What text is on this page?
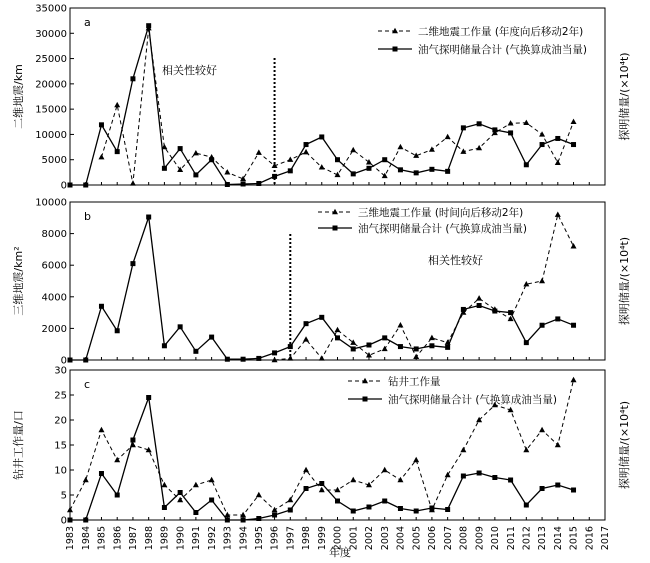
0
5000
10000
15000
20000
25000
30000
35000
a
二维地震/km	探明储量/(×10⁴t)
相关性较好
二维地震工作量 (年度向后移动2年)
油气探明储量合计 (气换算成油当量)
0
2000
4000
6000
8000
10000
b
三维地震/km²	探明储量/(×10⁴t)
相关性较好
三维地震工作量 (时间向后移动2年)
油气探明储量合计 (气换算成油当量)
0
5
10
15
20
25
30
1983 1984 1985 1986 1987 1988 1989 1990 1991 1992 1993 1994 1995 1996 1997 1998 1999 2000 2001 2002 2003 2004 2005 2006 2007 2008 2009 2010 2011 2012 2013 2014 2015 2016 2017
c
钻井工作量/口	探明储量/(×10⁴t)
钻井工作量
油气探明储量合计 (气换算成油当量)
年度
